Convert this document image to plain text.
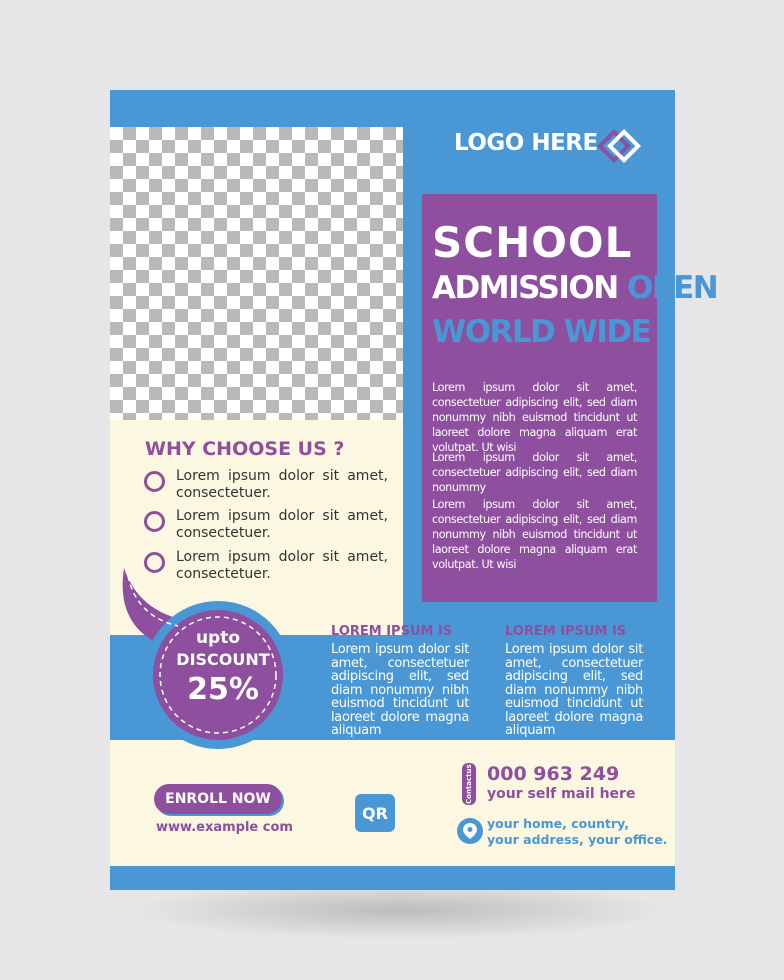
LOGO HERE
SCHOOL
ADMISSION OPEN
WORLD WIDE
Lorem ipsum dolor sit amet, consectetuer adipiscing elit, sed diam nonummy nibh euismod tincidunt ut laoreet dolore magna aliquam erat volutpat. Ut wisi
Lorem ipsum dolor sit amet, consectetuer adipiscing elit, sed diam nonummy
Lorem ipsum dolor sit amet, consectetuer adipiscing elit, sed diam nonummy nibh euismod tincidunt ut laoreet dolore magna aliquam erat volutpat. Ut wisi
WHY CHOOSE US ?
Lorem ipsum dolor sit amet, consectetuer.
Lorem ipsum dolor sit amet, consectetuer.
Lorem ipsum dolor sit amet, consectetuer.
upto
DISCOUNT
25%
LOREM IPSUM IS
Lorem ipsum dolor sit amet, consectetuer adipiscing elit, sed diam nonummy nibh euismod tincidunt ut laoreet dolore magna aliquam
LOREM IPSUM IS
Lorem ipsum dolor sit amet, consectetuer adipiscing elit, sed diam nonummy nibh euismod tincidunt ut laoreet dolore magna aliquam
ENROLL NOW
www.example com
QR
Contactus 000 963 249
your self mail here
your home, country,
your address, your office.
